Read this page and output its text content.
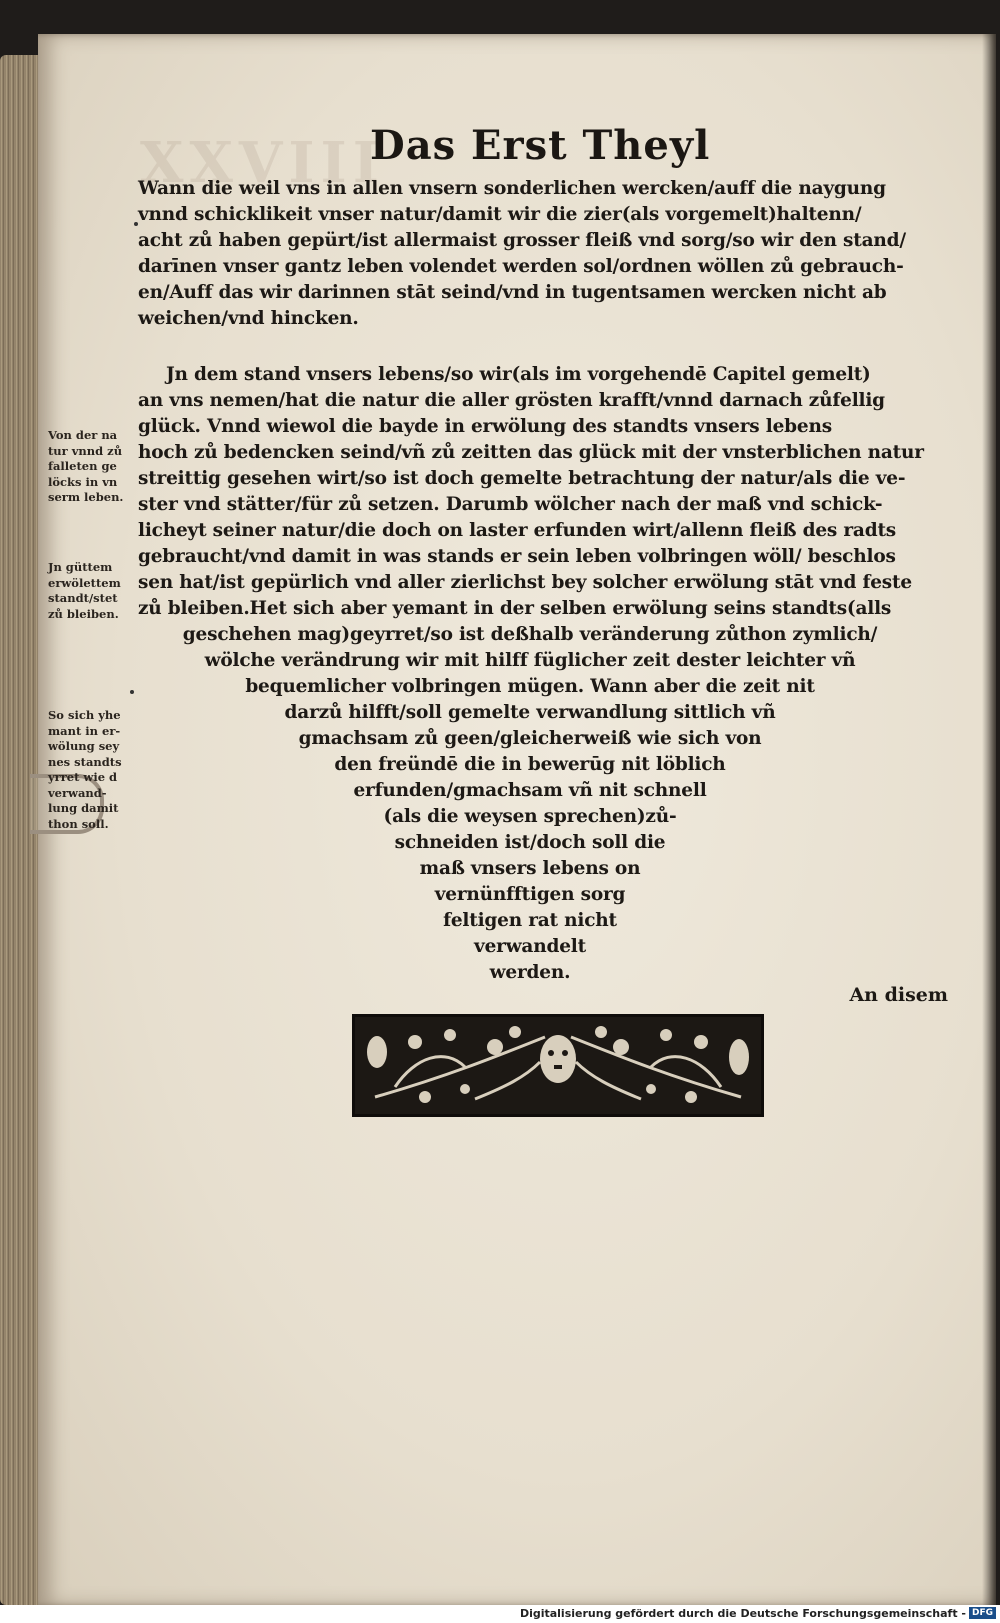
XXVIII
Das Erst Theyl
Wann die weil vns in allen vnsern sonderlichen wercken/auff die naygung
vnnd schicklikeit vnser natur/damit wir die zier(als vorgemelt)haltenn/
acht zů haben gepürt/ist allermaist grosser fleiß vnd sorg/so wir den stand/
darīnen vnser gantz leben volendet werden sol/ordnen wöllen zů gebrauch-
en/Auff das wir darinnen stāt seind/vnd in tugentsamen wercken nicht ab
weichen/vnd hincken.
Jn dem stand vnsers lebens/so wir(als im vorgehendē Capitel gemelt)
an vns nemen/hat die natur die aller grösten krafft/vnnd darnach zůfellig
glück. Vnnd wiewol die bayde in erwölung des standts vnsers lebens
hoch zů bedencken seind/vñ zů zeitten das glück mit der vnsterblichen natur
streittig gesehen wirt/so ist doch gemelte betrachtung der natur/als die ve-
ster vnd stätter/für zů setzen. Darumb wölcher nach der maß vnd schick-
licheyt seiner natur/die doch on laster erfunden wirt/allenn fleiß des radts
gebraucht/vnd damit in was stands er sein leben volbringen wöll/ beschlos
sen hat/ist gepürlich vnd aller zierlichst bey solcher erwölung stāt vnd feste
zů bleiben.Het sich aber yemant in der selben erwölung seins standts(alls
geschehen mag)geyrret/so ist deßhalb veränderung zůthon zymlich/
wölche verändrung wir mit hilff füglicher zeit dester leichter vñ
bequemlicher volbringen mügen. Wann aber die zeit nit
darzů hilfft/soll gemelte verwandlung sittlich vñ
gmachsam zů geen/gleicherweiß wie sich von
den freündē die in bewerūg nit löblich
erfunden/gmachsam vñ nit schnell
(als die weysen sprechen)zů-
schneiden ist/doch soll die
maß vnsers lebens on
vernünfftigen sorg
feltigen rat nicht
verwandelt
werden.
Von der na
tur vnnd zů
falleten ge
löcks in vn
serm leben.
Jn güttem
erwölettem
standt/stet
zů bleiben.
So sich yhe
mant in er-
wölung sey
nes standts
yrret wie d
verwand-
lung damit
thon soll.
An disem
Digitalisierung gefördert durch die Deutsche Forschungsgemeinschaft - DFG
